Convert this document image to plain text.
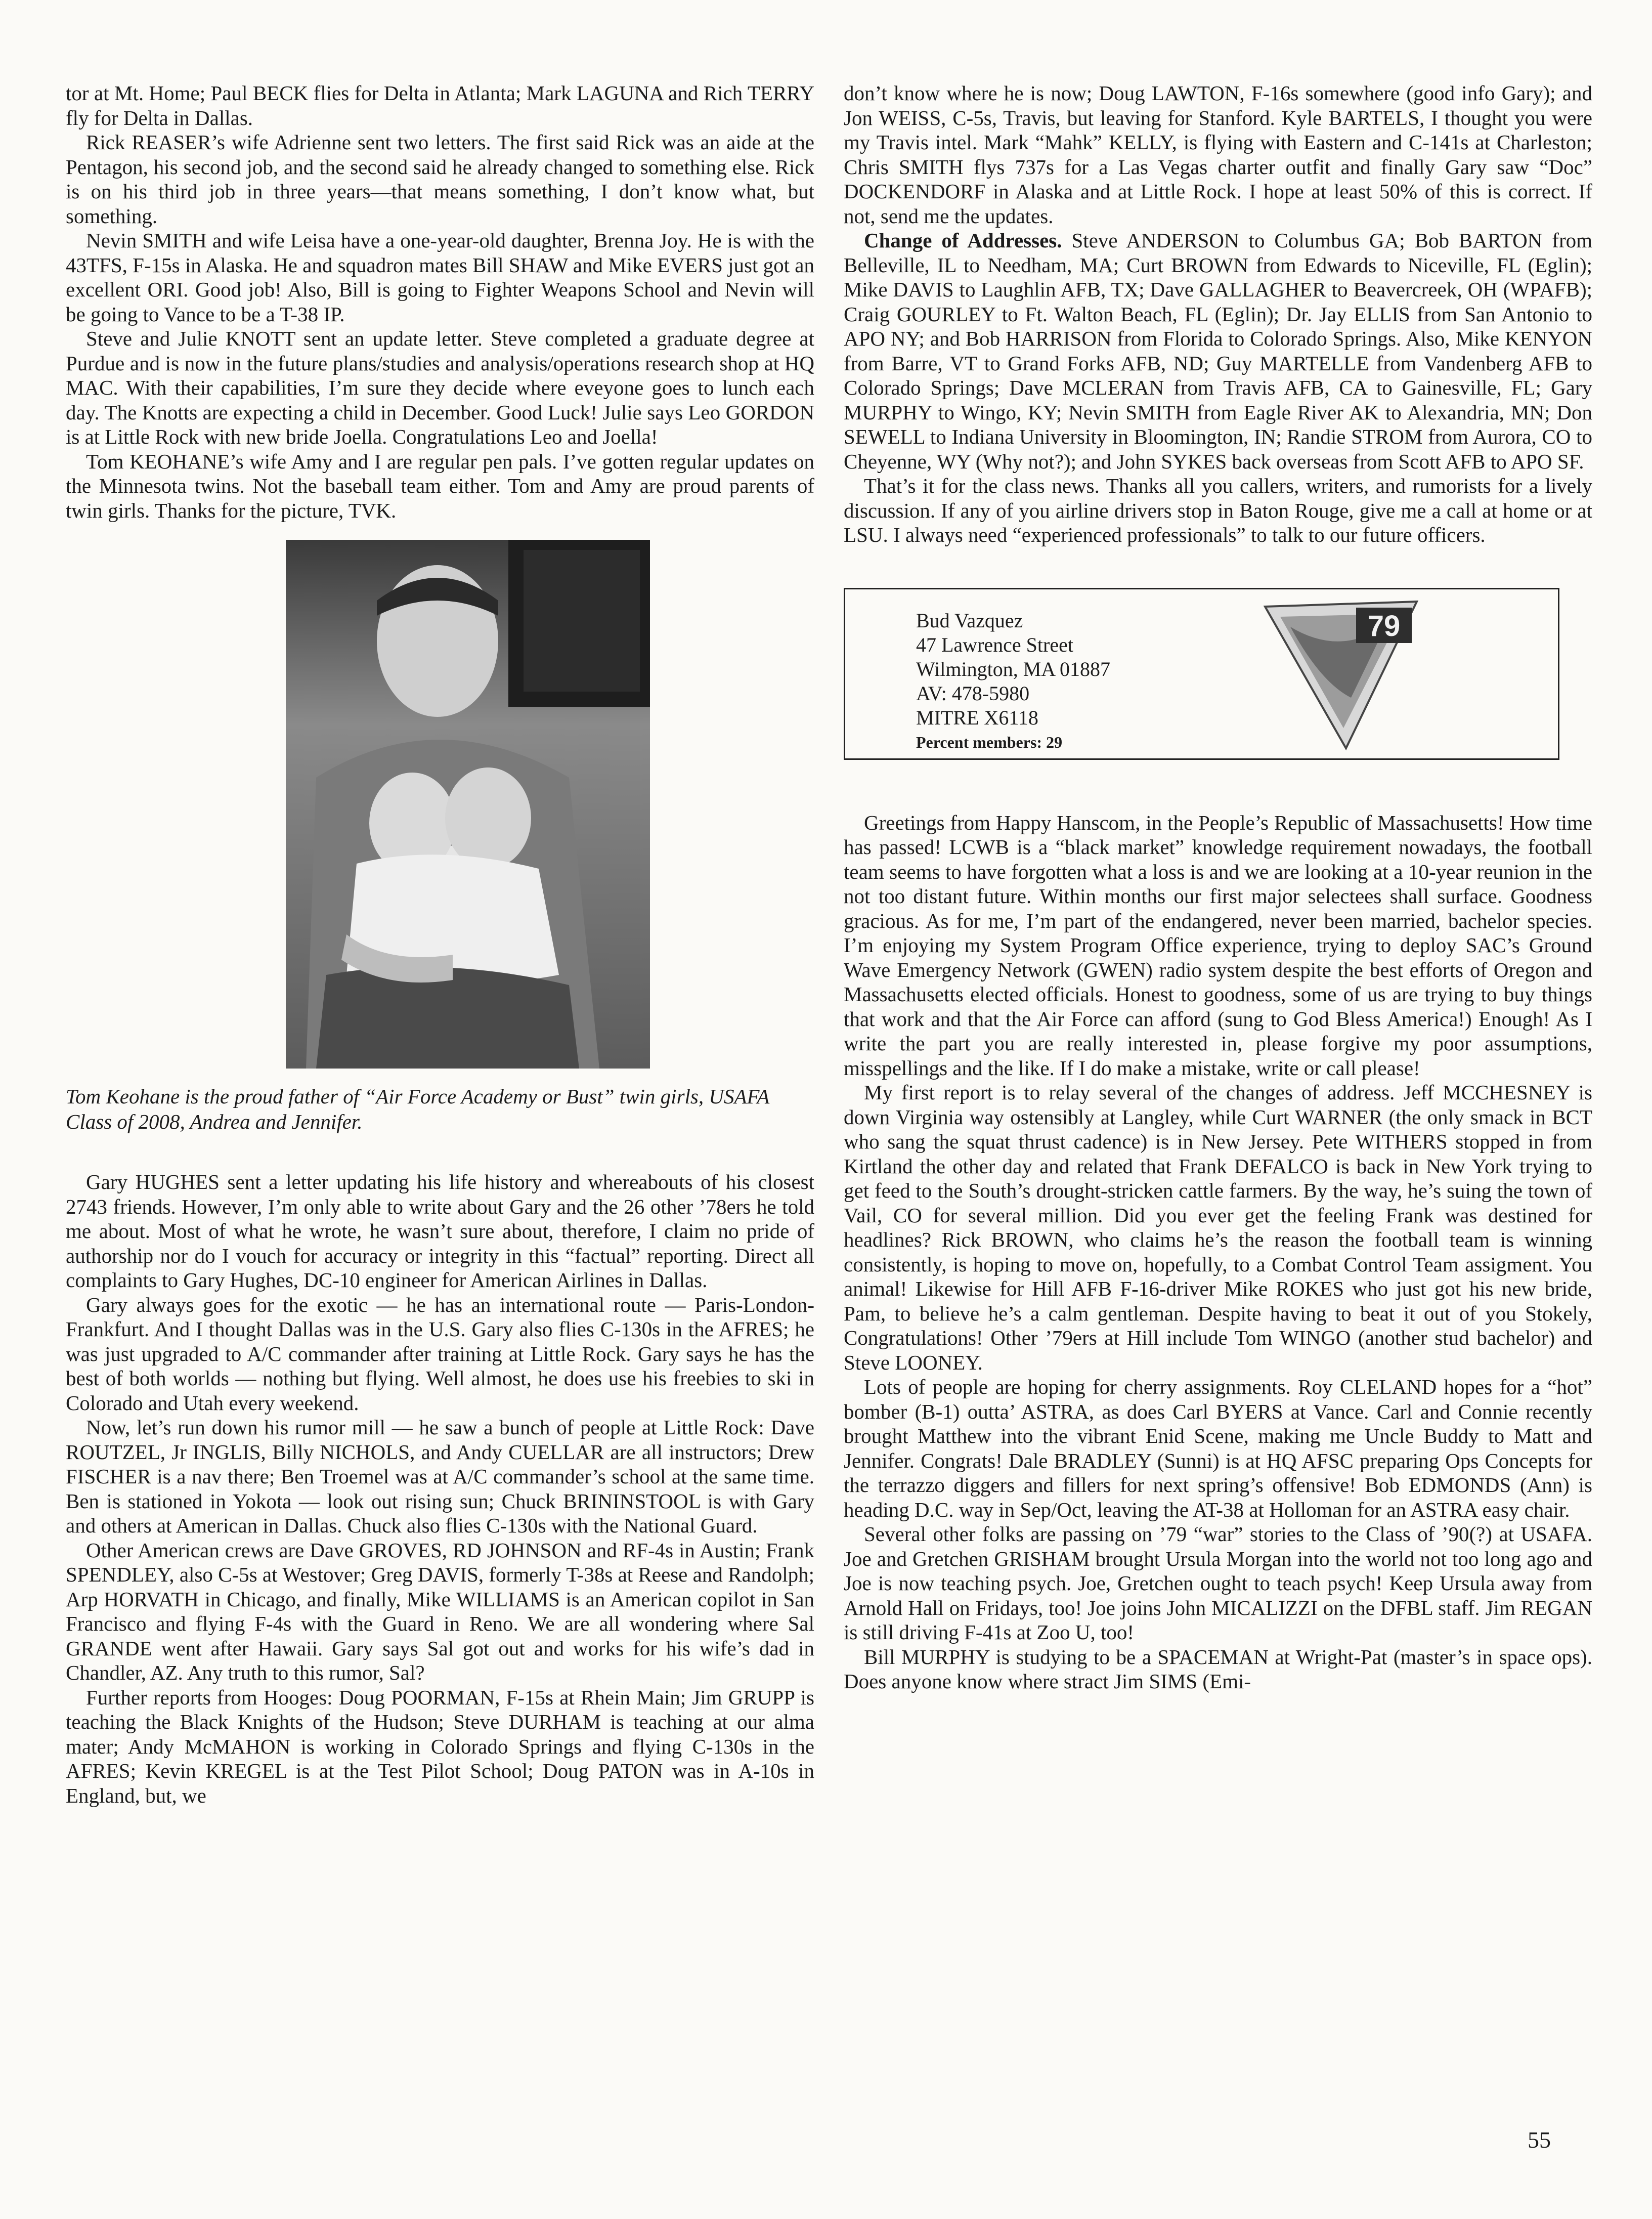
tor at Mt. Home; Paul BECK flies for Delta in Atlanta; Mark LAGUNA and Rich TERRY fly for Delta in Dallas.

Rick REASER’s wife Adrienne sent two letters. The first said Rick was an aide at the Pentagon, his second job, and the second said he already changed to something else. Rick is on his third job in three years—that means something, I don’t know what, but something.

Nevin SMITH and wife Leisa have a one-year-old daughter, Brenna Joy. He is with the 43TFS, F-15s in Alaska. He and squadron mates Bill SHAW and Mike EVERS just got an excellent ORI. Good job! Also, Bill is going to Fighter Weapons School and Nevin will be going to Vance to be a T-38 IP.

Steve and Julie KNOTT sent an update letter. Steve completed a graduate degree at Purdue and is now in the future plans/studies and analysis/operations research shop at HQ MAC. With their capabilities, I’m sure they decide where eveyone goes to lunch each day. The Knotts are expecting a child in December. Good Luck! Julie says Leo GORDON is at Little Rock with new bride Joella. Congratulations Leo and Joella!

Tom KEOHANE’s wife Amy and I are regular pen pals. I’ve gotten regular updates on the Minnesota twins. Not the baseball team either. Tom and Amy are proud parents of twin girls. Thanks for the picture, TVK.

Tom Keohane is the proud father of “Air Force Academy or Bust” twin girls, USAFA Class of 2008, Andrea and Jennifer.

Gary HUGHES sent a letter updating his life history and whereabouts of his closest 2743 friends. However, I’m only able to write about Gary and the 26 other ’78ers he told me about. Most of what he wrote, he wasn’t sure about, therefore, I claim no pride of authorship nor do I vouch for accuracy or integrity in this “factual” reporting. Direct all complaints to Gary Hughes, DC-10 engineer for American Airlines in Dallas.

Gary always goes for the exotic — he has an international route — Paris-London-Frankfurt. And I thought Dallas was in the U.S. Gary also flies C-130s in the AFRES; he was just upgraded to A/C commander after training at Little Rock. Gary says he has the best of both worlds — nothing but flying. Well almost, he does use his freebies to ski in Colorado and Utah every weekend.

Now, let’s run down his rumor mill — he saw a bunch of people at Little Rock: Dave ROUTZEL, Jr INGLIS, Billy NICHOLS, and Andy CUELLAR are all instructors; Drew FISCHER is a nav there; Ben Troemel was at A/C commander’s school at the same time. Ben is stationed in Yokota — look out rising sun; Chuck BRININSTOOL is with Gary and others at American in Dallas. Chuck also flies C-130s with the National Guard.

Other American crews are Dave GROVES, RD JOHNSON and RF-4s in Austin; Frank SPENDLEY, also C-5s at Westover; Greg DAVIS, formerly T-38s at Reese and Randolph; Arp HORVATH in Chicago, and finally, Mike WILLIAMS is an American copilot in San Francisco and flying F-4s with the Guard in Reno. We are all wondering where Sal GRANDE went after Hawaii. Gary says Sal got out and works for his wife’s dad in Chandler, AZ. Any truth to this rumor, Sal?

Further reports from Hooges: Doug POORMAN, F-15s at Rhein Main; Jim GRUPP is teaching the Black Knights of the Hudson; Steve DURHAM is teaching at our alma mater; Andy McMAHON is working in Colorado Springs and flying C-130s in the AFRES; Kevin KREGEL is at the Test Pilot School; Doug PATON was in A-10s in England, but, we

don’t know where he is now; Doug LAWTON, F-16s somewhere (good info Gary); and Jon WEISS, C-5s, Travis, but leaving for Stanford. Kyle BARTELS, I thought you were my Travis intel. Mark “Mahk” KELLY, is flying with Eastern and C-141s at Charleston; Chris SMITH flys 737s for a Las Vegas charter outfit and finally Gary saw “Doc” DOCKENDORF in Alaska and at Little Rock. I hope at least 50% of this is correct. If not, send me the updates.

Change of Addresses. Steve ANDERSON to Columbus GA; Bob BARTON from Belleville, IL to Needham, MA; Curt BROWN from Edwards to Niceville, FL (Eglin); Mike DAVIS to Laughlin AFB, TX; Dave GALLAGHER to Beavercreek, OH (WPAFB); Craig GOURLEY to Ft. Walton Beach, FL (Eglin); Dr. Jay ELLIS from San Antonio to APO NY; and Bob HARRISON from Florida to Colorado Springs. Also, Mike KENYON from Barre, VT to Grand Forks AFB, ND; Guy MARTELLE from Vandenberg AFB to Colorado Springs; Dave MCLERAN from Travis AFB, CA to Gainesville, FL; Gary MURPHY to Wingo, KY; Nevin SMITH from Eagle River AK to Alexandria, MN; Don SEWELL to Indiana University in Bloomington, IN; Randie STROM from Aurora, CO to Cheyenne, WY (Why not?); and John SYKES back overseas from Scott AFB to APO SF.

That’s it for the class news. Thanks all you callers, writers, and rumorists for a lively discussion. If any of you airline drivers stop in Baton Rouge, give me a call at home or at LSU. I always need “experienced professionals” to talk to our future officers.

Bud Vazquez
47 Lawrence Street
Wilmington, MA 01887
AV: 478-5980
MITRE X6118
Percent members: 29
79

Greetings from Happy Hanscom, in the People’s Republic of Massachusetts! How time has passed! LCWB is a “black market” knowledge requirement nowadays, the football team seems to have forgotten what a loss is and we are looking at a 10-year reunion in the not too distant future. Within months our first major selectees shall surface. Goodness gracious. As for me, I’m part of the endangered, never been married, bachelor species. I’m enjoying my System Program Office experience, trying to deploy SAC’s Ground Wave Emergency Network (GWEN) radio system despite the best efforts of Oregon and Massachusetts elected officials. Honest to goodness, some of us are trying to buy things that work and that the Air Force can afford (sung to God Bless America!) Enough! As I write the part you are really interested in, please forgive my poor assumptions, misspellings and the like. If I do make a mistake, write or call please!

My first report is to relay several of the changes of address. Jeff MCCHESNEY is down Virginia way ostensibly at Langley, while Curt WARNER (the only smack in BCT who sang the squat thrust cadence) is in New Jersey. Pete WITHERS stopped in from Kirtland the other day and related that Frank DEFALCO is back in New York trying to get feed to the South’s drought-stricken cattle farmers. By the way, he’s suing the town of Vail, CO for several million. Did you ever get the feeling Frank was destined for headlines? Rick BROWN, who claims he’s the reason the football team is winning consistently, is hoping to move on, hopefully, to a Combat Control Team assigment. You animal! Likewise for Hill AFB F-16-driver Mike ROKES who just got his new bride, Pam, to believe he’s a calm gentleman. Despite having to beat it out of you Stokely, Congratulations! Other ’79ers at Hill include Tom WINGO (another stud bachelor) and Steve LOONEY.

Lots of people are hoping for cherry assignments. Roy CLELAND hopes for a “hot” bomber (B-1) outta’ ASTRA, as does Carl BYERS at Vance. Carl and Connie recently brought Matthew into the vibrant Enid Scene, making me Uncle Buddy to Matt and Jennifer. Congrats! Dale BRADLEY (Sunni) is at HQ AFSC preparing Ops Concepts for the terrazzo diggers and fillers for next spring’s offensive! Bob EDMONDS (Ann) is heading D.C. way in Sep/Oct, leaving the AT-38 at Holloman for an ASTRA easy chair.

Several other folks are passing on ’79 “war” stories to the Class of ’90(?) at USAFA. Joe and Gretchen GRISHAM brought Ursula Morgan into the world not too long ago and Joe is now teaching psych. Joe, Gretchen ought to teach psych! Keep Ursula away from Arnold Hall on Fridays, too! Joe joins John MICALIZZI on the DFBL staff. Jim REGAN is still driving F-41s at Zoo U, too!

Bill MURPHY is studying to be a SPACEMAN at Wright-Pat (master’s in space ops). Does anyone know where stract Jim SIMS (Emi-

55
